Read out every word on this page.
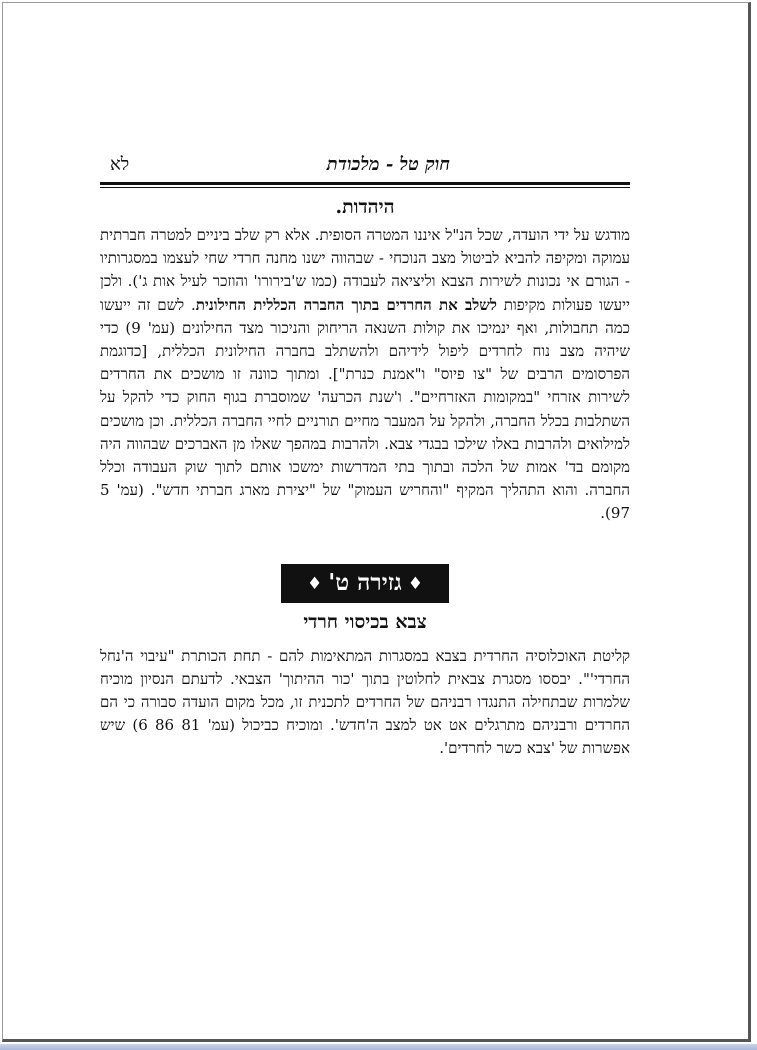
חוק טל - מלכודת
לא
היהדות.

מודגש על ידי הועדה, שכל הנ"ל איננו המטרה הסופית. אלא רק שלב ביניים למטרה חברתית עמוקה ומקיפה להביא לביטול מצב הנוכחי - שבהווה ישנו מחנה חרדי שחי לעצמו במסגרותיו - הגורם אי נכונות לשירות הצבא וליציאה לעבודה (כמו ש'בירורו' והוזכר לעיל אות ג'). ולכן ייעשו פעולות מקיפות לשלב את החרדים בתוך החברה הכללית החילונית. לשם זה ייעשו כמה תחבולות, ואף ינמיכו את קולות השנאה הריחוק והניכור מצד החילונים (עמ' 9) כדי שיהיה מצב נוח לחרדים ליפול לידיהם ולהשתלב בחברה החילונית הכללית, [כדוגמת הפרסומים הרבים של "צו פיוס" ו"אמנת כנרת"]. ומתוך כוונה זו מושכים את החרדים לשירות אזרחי "במקומות האזרחיים". ו'שנת הכרעה' שמוסברת בגוף החוק כדי להקל על השתלבות בכלל החברה, ולהקל על המעבר מחיים תורניים לחיי החברה הכללית. וכן מושכים למילואים ולהרבות באלו שילכו בבגדי צבא. ולהרבות במהפך שאלו מן האברכים שבהווה היה מקומם בד' אמות של הלכה ובתוך בתי המדרשות ימשכו אותם לתוך שוק העבודה וכלל החברה. והוא התהליך המקיף "והחריש העמוק" של "יצירת מארג חברתי חדש". (עמ' 5 97).

♦גזירה ט'♦
צבא בכיסוי חרדי

קליטת האוכלוסיה החרדית בצבא במסגרות המתאימות להם - תחת הכותרת "עיבוי ה'נחל החרדי'". יבססו מסגרת צבאית לחלוטין בתוך 'כור ההיתוך' הצבאי. לדעתם הנסיון מוכיח שלמרות שבתחילה התנגדו רבניהם של החרדים לתכנית זו, מכל מקום הועדה סבורה כי הם החרדים ורבניהם מתרגלים אט אט למצב ה'חדש'. ומוכיח כביכול (עמ' 81 86 6) שיש אפשרות של 'צבא כשר לחרדים'.
